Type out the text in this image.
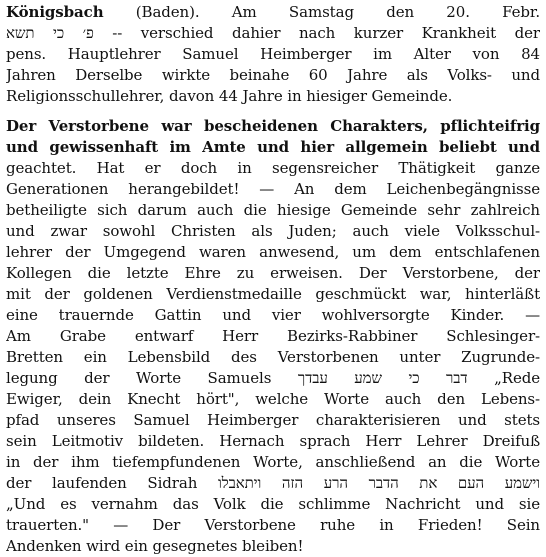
Königsbach (Baden). Am Samstag den 20. Febr.
פ׳ כי תשא -- verschied dahier nach kurzer Krankheit der
pens. Hauptlehrer Samuel Heimberger im Alter von 84
Jahren Derselbe wirkte beinahe 60 Jahre als Volks- und
Religionsschullehrer, davon 44 Jahre in hiesiger Gemeinde.
Der Verstorbene war bescheidenen Charakters, pflichteifrig
und gewissenhaft im Amte und hier allgemein beliebt und
geachtet. Hat er doch in segensreicher Thätigkeit ganze
Generationen herangebildet! — An dem Leichenbegängnisse
betheiligte sich darum auch die hiesige Gemeinde sehr zahlreich
und zwar sowohl Christen als Juden; auch viele Volksschul-
lehrer der Umgegend waren anwesend, um dem entschlafenen
Kollegen die letzte Ehre zu erweisen. Der Verstorbene, der
mit der goldenen Verdienstmedaille geschmückt war, hinterläßt
eine trauernde Gattin und vier wohlversorgte Kinder. —
Am Grabe entwarf Herr Bezirks-Rabbiner Schlesinger-
Bretten ein Lebensbild des Verstorbenen unter Zugrunde-
legung der Worte Samuels דבר כי שמע עבדך „Rede
Ewiger, dein Knecht hört", welche Worte auch den Lebens-
pfad unseres Samuel Heimberger charakterisieren und stets
sein Leitmotiv bildeten. Hernach sprach Herr Lehrer Dreifuß
in der ihm tiefempfundenen Worte, anschließend an die Worte
der laufenden Sidrah וישמע העם את הדבר הרע הזה ויתאבלו
„Und es vernahm das Volk die schlimme Nachricht und sie
trauerten." — Der Verstorbene ruhe in Frieden! Sein
Andenken wird ein gesegnetes bleiben!
